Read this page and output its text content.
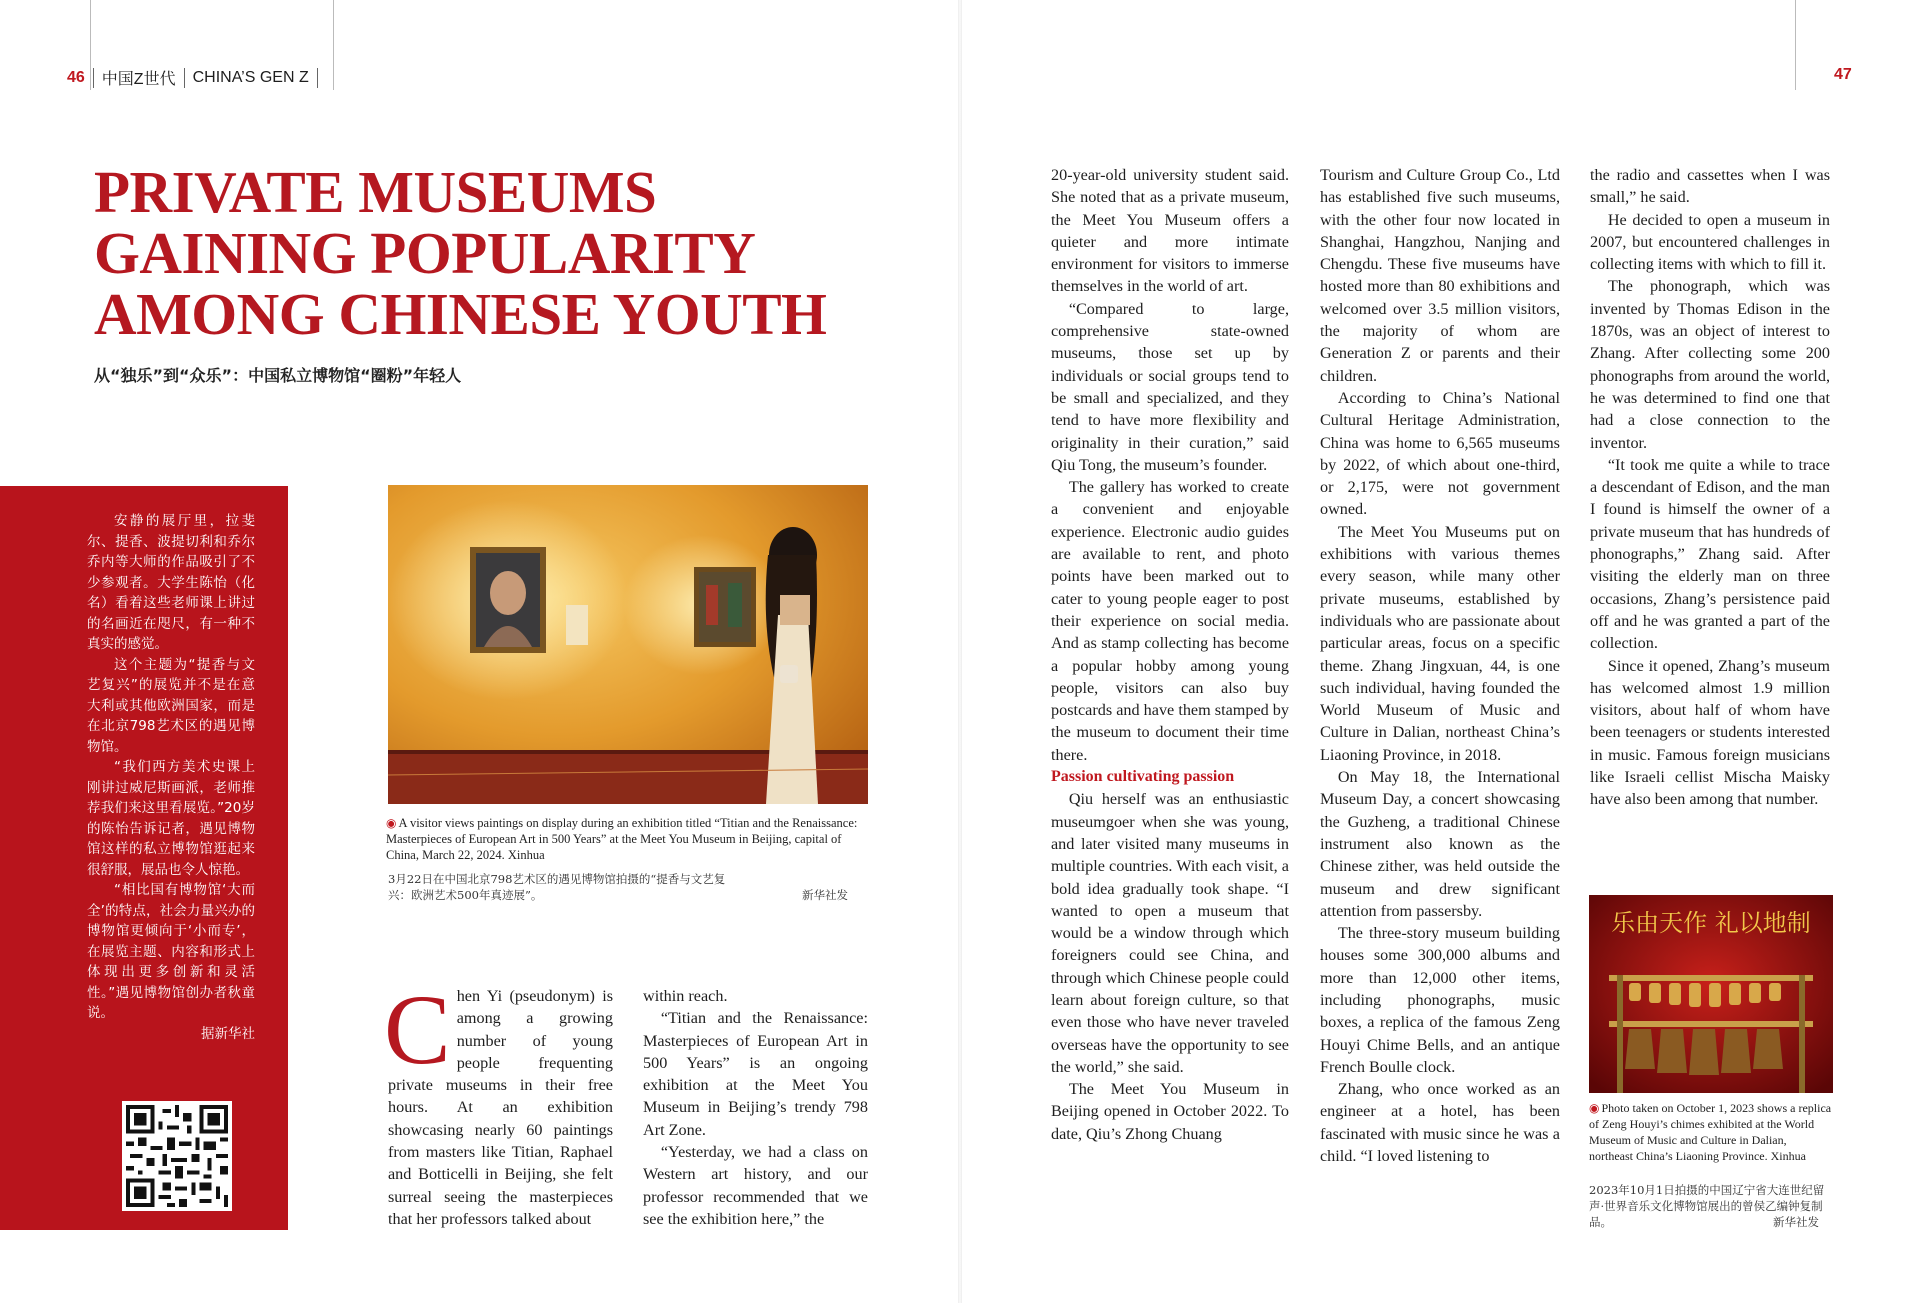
46 中国Z世代 CHINA’S GEN Z	47
PRIVATE MUSEUMS
GAINING POPULARITY
AMONG CHINESE YOUTH
从“独乐”到“众乐”：中国私立博物馆“圈粉”年轻人

安静的展厅里，拉斐尔、提香、波提切利和乔尔乔内等大师的作品吸引了不少参观者。大学生陈怡（化名）看着这些老师课上讲过的名画近在咫尺，有一种不真实的感觉。

这个主题为“提香与文艺复兴”的展览并不是在意大利或其他欧洲国家，而是在北京798艺术区的遇见博物馆。

“我们西方美术史课上刚讲过威尼斯画派，老师推荐我们来这里看展览。”20岁的陈怡告诉记者，遇见博物馆这样的私立博物馆逛起来很舒服，展品也令人惊艳。

“相比国有博物馆‘大而全’的特点，社会力量兴办的博物馆更倾向于‘小而专’，在展览主题、内容和形式上体现出更多创新和灵活性。”遇见博物馆创办者秋童说。

据新华社

◉ A visitor views paintings on display during an exhibition titled “Titian and the Renaissance: Masterpieces of European Art in 500 Years” at the Meet You Museum in Beijing, capital of China, March 22, 2024. Xinhua
3月22日在中国北京798艺术区的遇见博物馆拍摄的“提香与文艺复兴：欧洲艺术500年真迹展”。	新华社发

Chen Yi (pseudonym) is among a growing number of young people frequenting private museums in their free hours. At an exhibition showcasing nearly 60 paintings from masters like Titian, Raphael and Botticelli in Beijing, she felt surreal seeing the masterpieces that her professors talked about

within reach.

“Titian and the Renaissance: Masterpieces of European Art in 500 Years” is an ongoing exhibition at the Meet You Museum in Beijing’s trendy 798 Art Zone.

“Yesterday, we had a class on Western art history, and our professor recommended that we see the exhibition here,” the

20-year-old university student said. She noted that as a private museum, the Meet You Museum offers a quieter and more intimate environment for visitors to immerse themselves in the world of art.

“Compared to large, comprehensive state-owned museums, those set up by individuals or social groups tend to be small and specialized, and they tend to have more flexibility and originality in their curation,” said Qiu Tong, the museum’s founder.

The gallery has worked to create a convenient and enjoyable experience. Electronic audio guides are available to rent, and photo points have been marked out to cater to young people eager to post their experience on social media. And as stamp collecting has become a popular hobby among young people, visitors can also buy postcards and have them stamped by the museum to document their time there.

Passion cultivating passion

Qiu herself was an enthusiastic museumgoer when she was young, and later visited many museums in multiple countries. With each visit, a bold idea gradually took shape. “I wanted to open a museum that would be a window through which foreigners could see China, and through which Chinese people could learn about foreign culture, so that even those who have never traveled overseas have the opportunity to see the world,” she said.

The Meet You Museum in Beijing opened in October 2022. To date, Qiu’s Zhong Chuang

Tourism and Culture Group Co., Ltd has established five such museums, with the other four now located in Shanghai, Hangzhou, Nanjing and Chengdu. These five museums have hosted more than 80 exhibitions and welcomed over 3.5 million visitors, the majority of whom are Generation Z or parents and their children.

According to China’s National Cultural Heritage Administration, China was home to 6,565 museums by 2022, of which about one-third, or 2,175, were not government owned.

The Meet You Museums put on exhibitions with various themes every season, while many other private museums, established by individuals who are passionate about particular areas, focus on a specific theme. Zhang Jingxuan, 44, is one such individual, having founded the World Museum of Music and Culture in Dalian, northeast China’s Liaoning Province, in 2018.

On May 18, the International Museum Day, a concert showcasing the Guzheng, a traditional Chinese instrument also known as the Chinese zither, was held outside the museum and drew significant attention from passersby.

The three-story museum building houses some 300,000 albums and more than 12,000 other items, including phonographs, music boxes, a replica of the famous Zeng Houyi Chime Bells, and an antique French Boulle clock.

Zhang, who once worked as an engineer at a hotel, has been fascinated with music since he was a child. “I loved listening to

the radio and cassettes when I was small,” he said.

He decided to open a museum in 2007, but encountered challenges in collecting items with which to fill it.

The phonograph, which was invented by Thomas Edison in the 1870s, was an object of interest to Zhang. After collecting some 200 phonographs from around the world, he was determined to find one that had a close connection to the inventor.

“It took me quite a while to trace a descendant of Edison, and the man I found is himself the owner of a private museum that has hundreds of phonographs,” Zhang said. After visiting the elderly man on three occasions, Zhang’s persistence paid off and he was granted a part of the collection.

Since it opened, Zhang’s museum has welcomed almost 1.9 million visitors, about half of whom have been teenagers or students interested in music. Famous foreign musicians like Israeli cellist Mischa Maisky have also been among that number.

乐由天作 礼以地制
◉ Photo taken on October 1, 2023 shows a replica of Zeng Houyi’s chimes exhibited at the World Museum of Music and Culture in Dalian, northeast China’s Liaoning Province. Xinhua
2023年10月1日拍摄的中国辽宁省大连世纪留声·世界音乐文化博物馆展出的曾侯乙编钟复制品。	新华社发
